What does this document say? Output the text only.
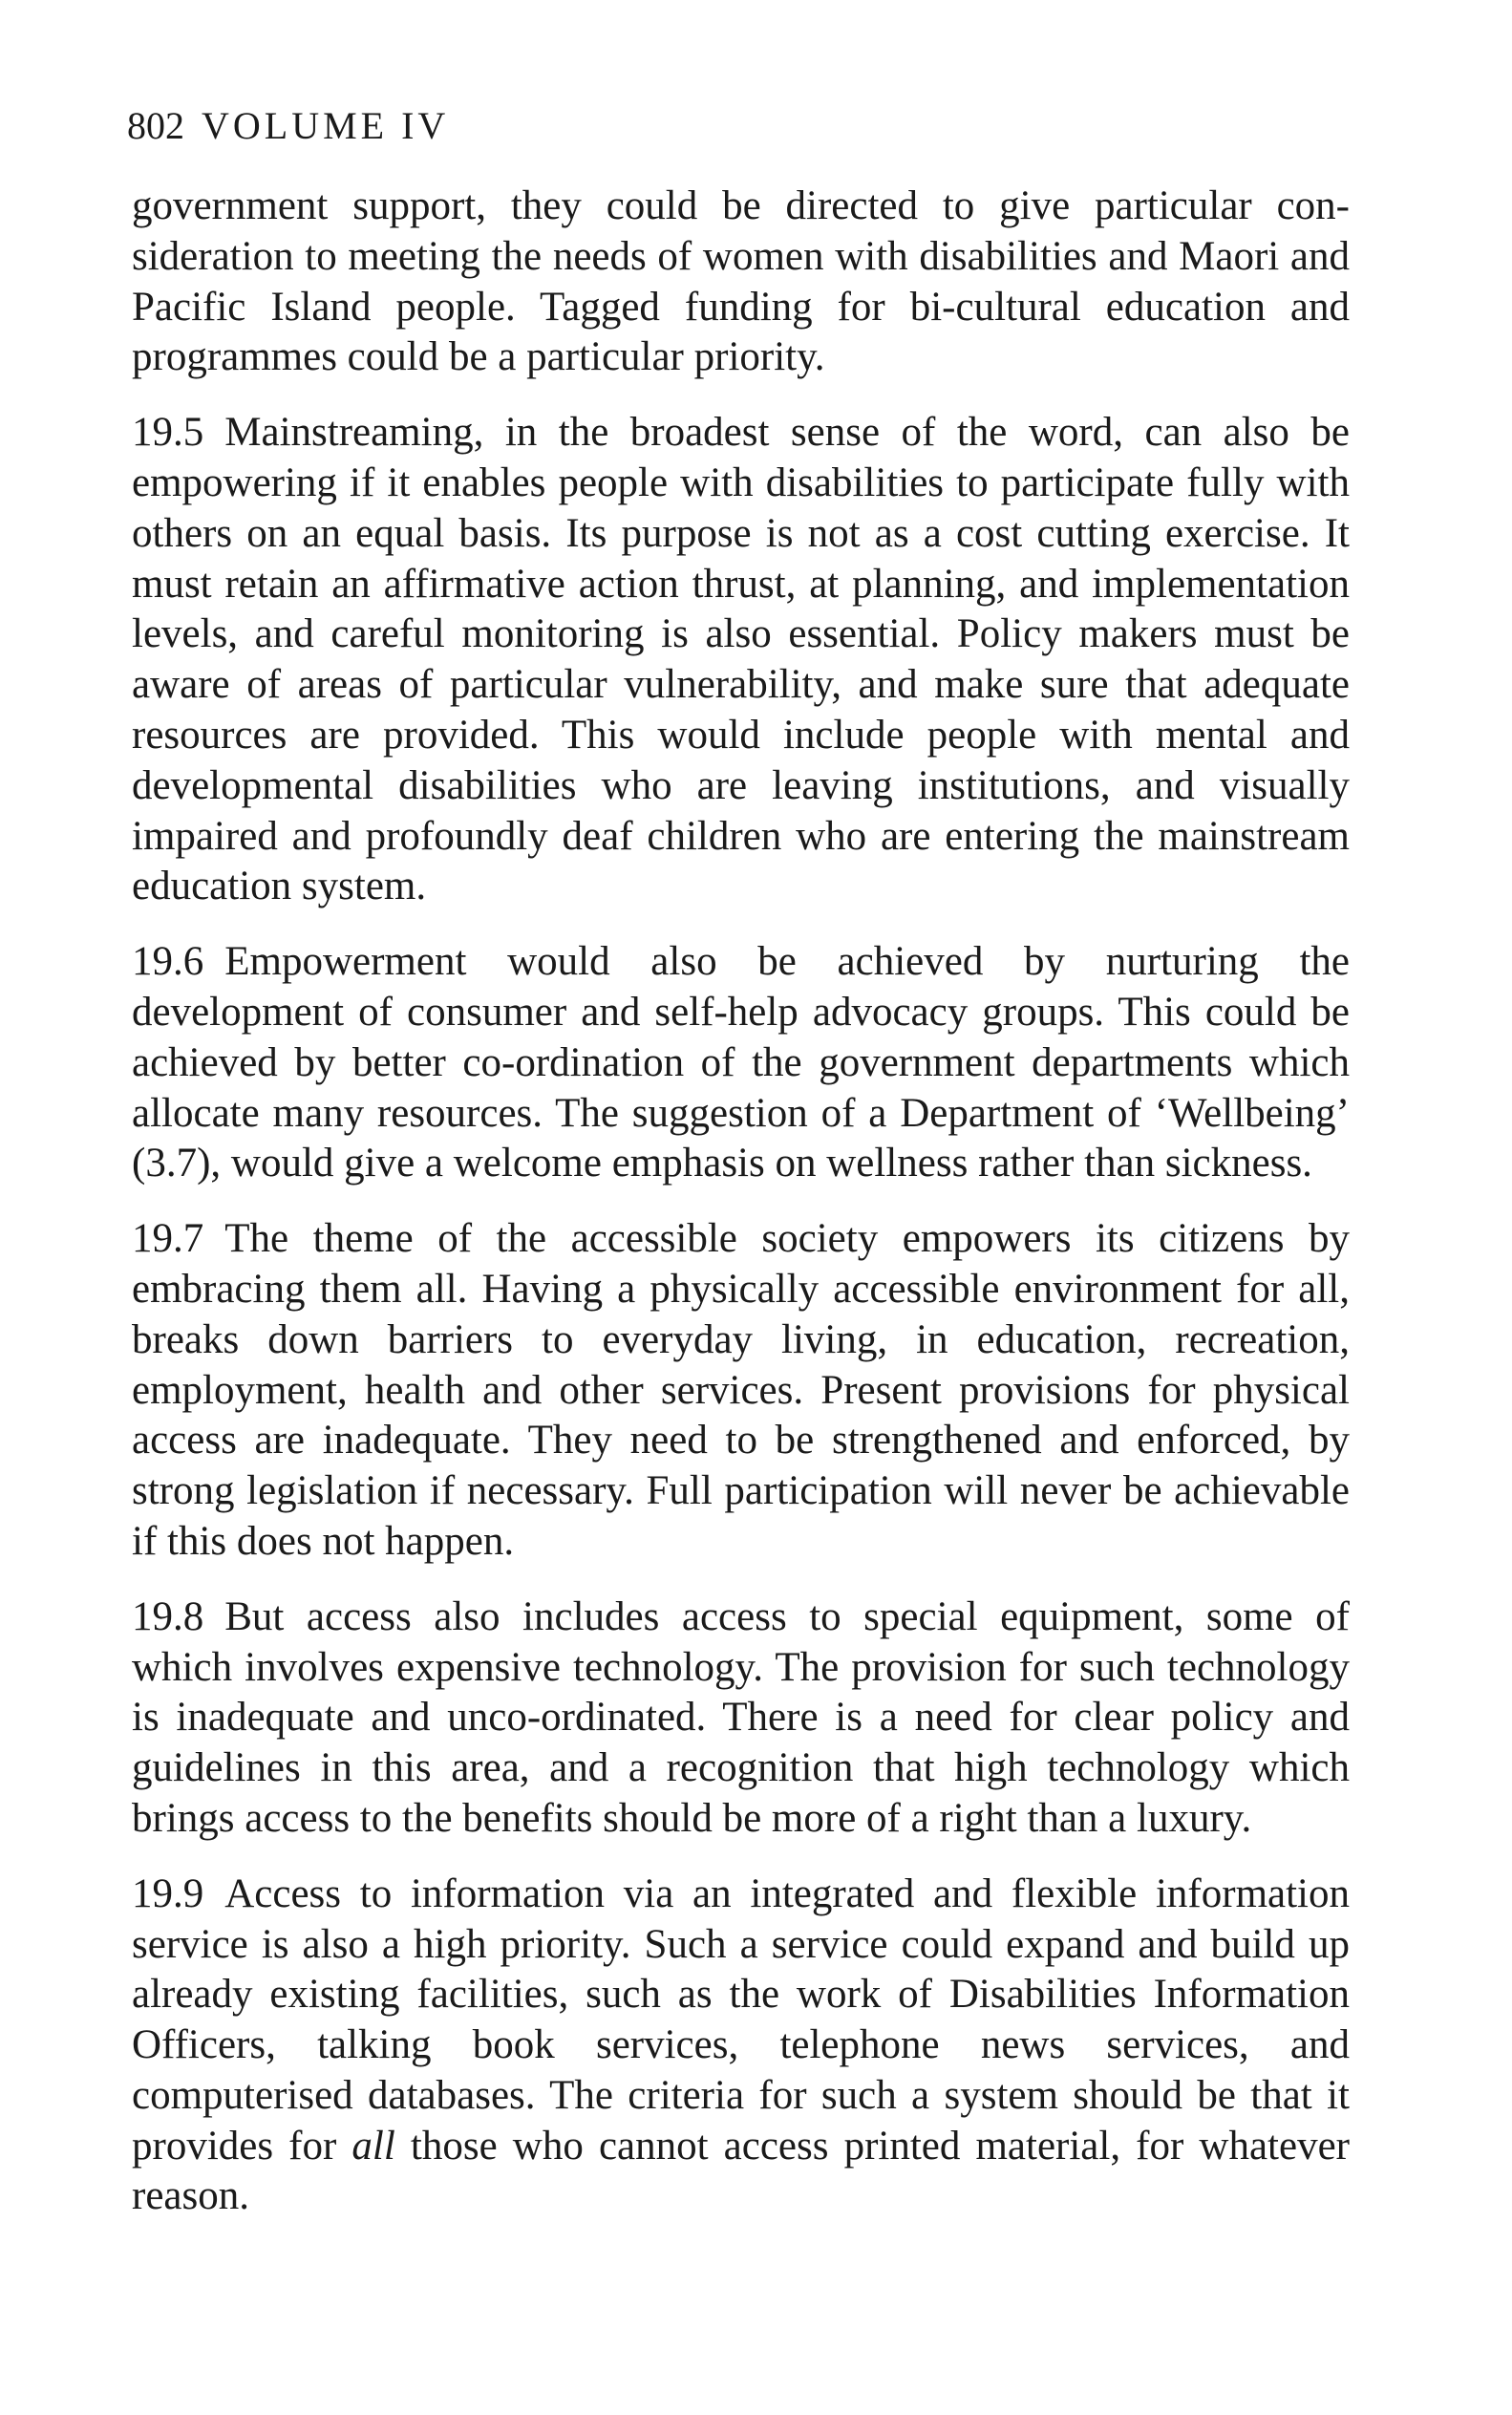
802 VOLUME IV

government support, they could be directed to give particular consideration to meeting the needs of women with disabilities and Maori and Pacific Island people. Tagged funding for bi-cultural education and programmes could be a particular priority.

19.5 Mainstreaming, in the broadest sense of the word, can also be empowering if it enables people with disabilities to participate fully with others on an equal basis. Its purpose is not as a cost cutting exercise. It must retain an affirmative action thrust, at planning, and implementation levels, and careful monitoring is also essential. Policy makers must be aware of areas of particular vulnerability, and make sure that adequate resources are provided. This would include people with mental and developmental disabilities who are leaving institutions, and visually impaired and profoundly deaf children who are entering the mainstream education system.

19.6 Empowerment would also be achieved by nurturing the development of consumer and self-help advocacy groups. This could be achieved by better co-ordination of the government departments which allocate many resources. The suggestion of a Department of ‘Wellbeing’ (3.7), would give a welcome emphasis on wellness rather than sickness.

19.7 The theme of the accessible society empowers its citizens by embracing them all. Having a physically accessible environment for all, breaks down barriers to everyday living, in education, recreation, employment, health and other services. Present provisions for physical access are inadequate. They need to be strengthened and enforced, by strong legislation if necessary. Full participation will never be achievable if this does not happen.

19.8 But access also includes access to special equipment, some of which involves expensive technology. The provision for such technology is inadequate and unco-ordinated. There is a need for clear policy and guidelines in this area, and a recognition that high technology which brings access to the benefits should be more of a right than a luxury.

19.9 Access to information via an integrated and flexible information service is also a high priority. Such a service could expand and build up already existing facilities, such as the work of Disabilities Information Officers, talking book services, telephone news services, and computerised databases. The criteria for such a system should be that it provides for all those who cannot access printed material, for whatever reason.
